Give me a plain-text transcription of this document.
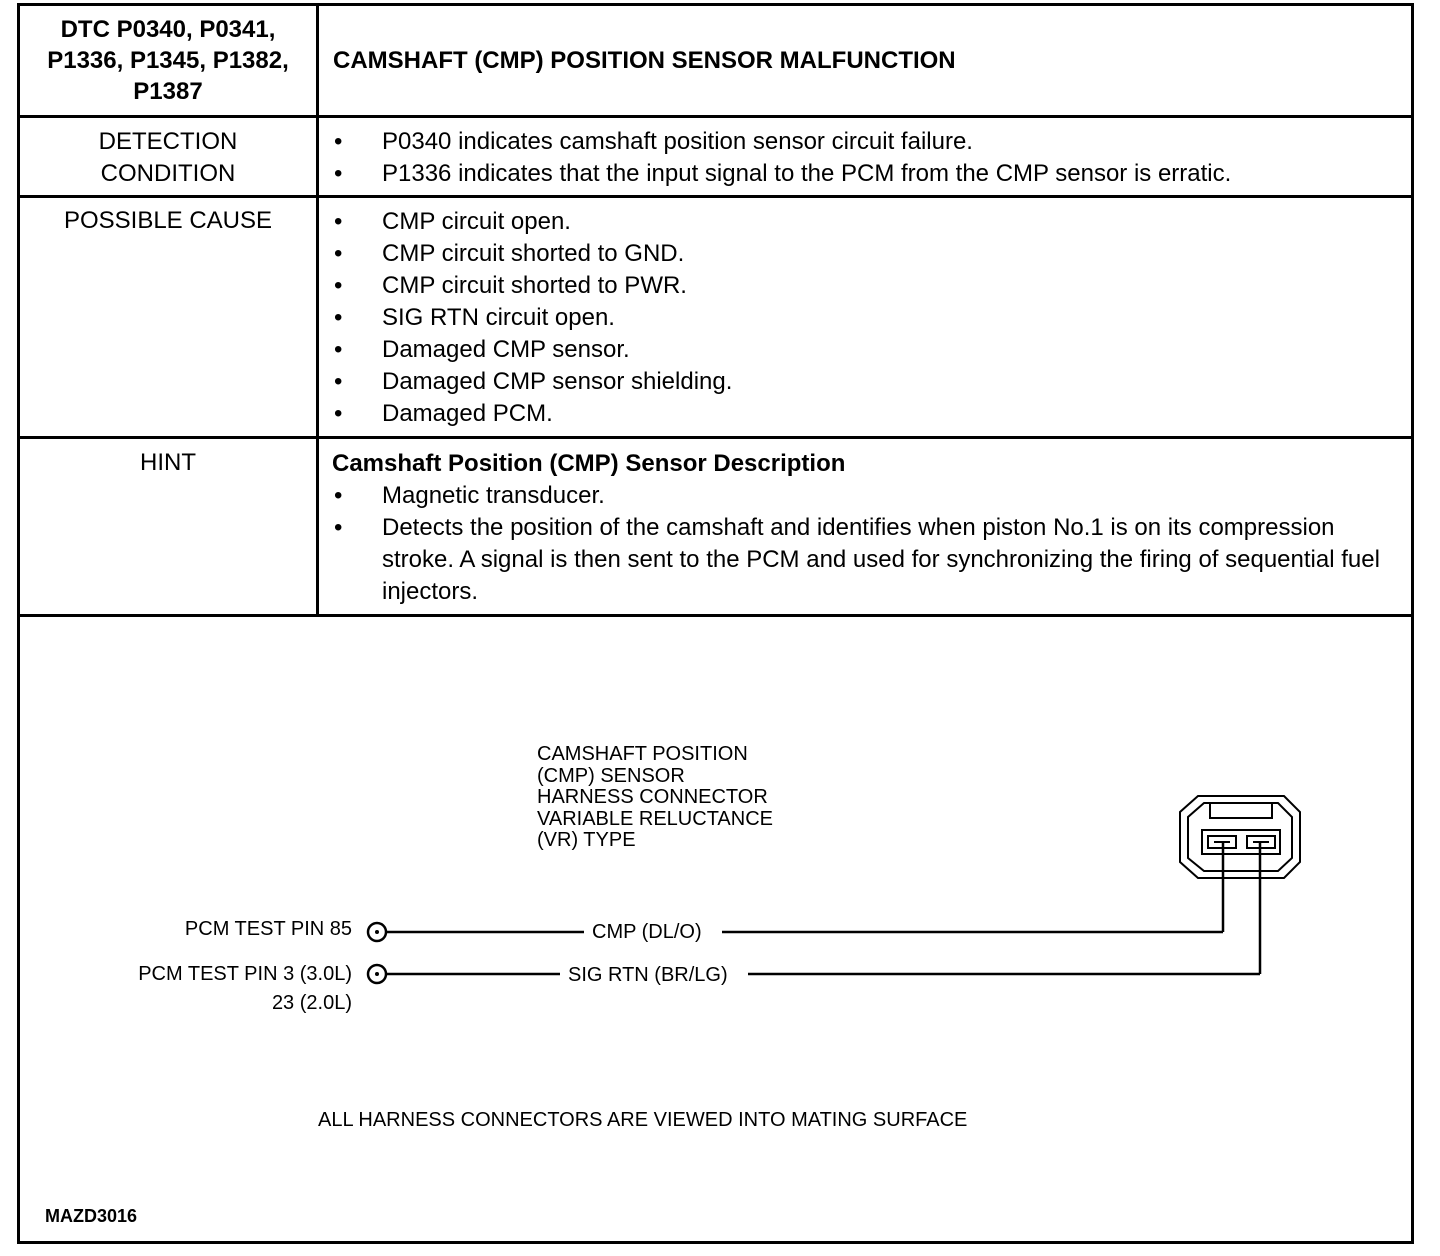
DTC P0340, P0341,
P1336, P1345, P1382,
P1387
CAMSHAFT (CMP) POSITION SENSOR MALFUNCTION
DETECTION
CONDITION
• P0340 indicates camshaft position sensor circuit failure.
• P1336 indicates that the input signal to the PCM from the CMP sensor is erratic.
POSSIBLE CAUSE
•	CMP circuit open.
• CMP circuit shorted to GND.
• CMP circuit shorted to PWR.
• SIG RTN circuit open.
• Damaged CMP sensor.
• Damaged CMP sensor shielding.
• Damaged PCM.
HINT	Camshaft Position (CMP) Sensor Description
• Magnetic transducer.
• Detects the position of the camshaft and identifies when piston No.1 is on its compression stroke. A signal is then sent to the PCM and used for synchronizing the firing of sequential fuel injectors.
CAMSHAFT POSITION
(CMP) SENSOR
HARNESS CONNECTOR
VARIABLE RELUCTANCE
(VR) TYPE
PCM TEST PIN 85
PCM TEST PIN 3 (3.0L)
23 (2.0L)
CMP (DL/O)
SIG RTN (BR/LG)
ALL HARNESS CONNECTORS ARE VIEWED INTO MATING SURFACE
MAZD3016
